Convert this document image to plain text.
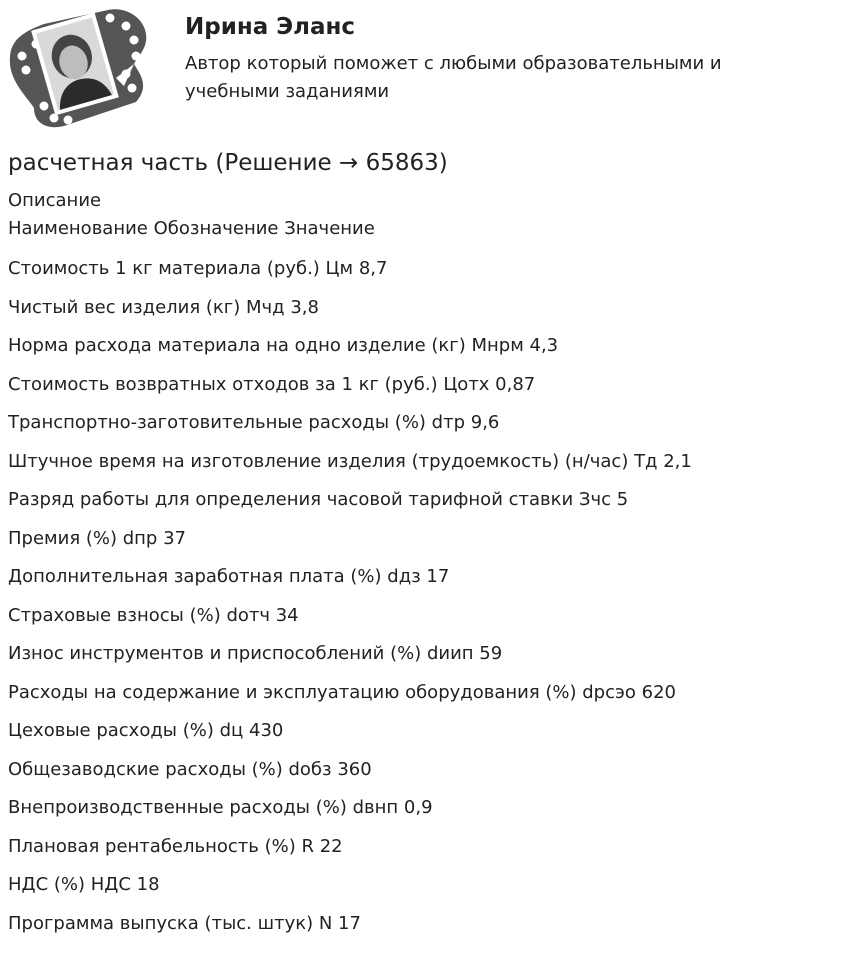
Ирина Эланс
Автор который поможет с любыми образовательными и учебными заданиями
расчетная часть (Решение → 65863)
Описание
Наименование Обозначение Значение
Стоимость 1 кг материала (руб.) Цм 8,7
Чистый вес изделия (кг) Мчд 3,8
Норма расхода материала на одно изделие (кг) Мнрм 4,3
Стоимость возвратных отходов за 1 кг (руб.) Цотх 0,87
Транспортно-заготовительные расходы (%) dтр 9,6
Штучное время на изготовление изделия (трудоемкость) (н/час) Тд 2,1
Разряд работы для определения часовой тарифной ставки Зчс 5
Премия (%) dпр 37
Дополнительная заработная плата (%) dдз 17
Страховые взносы (%) dотч 34
Износ инструментов и приспособлений (%) dиип 59
Расходы на содержание и эксплуатацию оборудования (%) dрсэо 620
Цеховые расходы (%) dц 430
Общезаводские расходы (%) dобз 360
Внепроизводственные расходы (%) dвнп 0,9
Плановая рентабельность (%) R 22
НДС (%) НДС 18
Программа выпуска (тыс. штук) N 17
